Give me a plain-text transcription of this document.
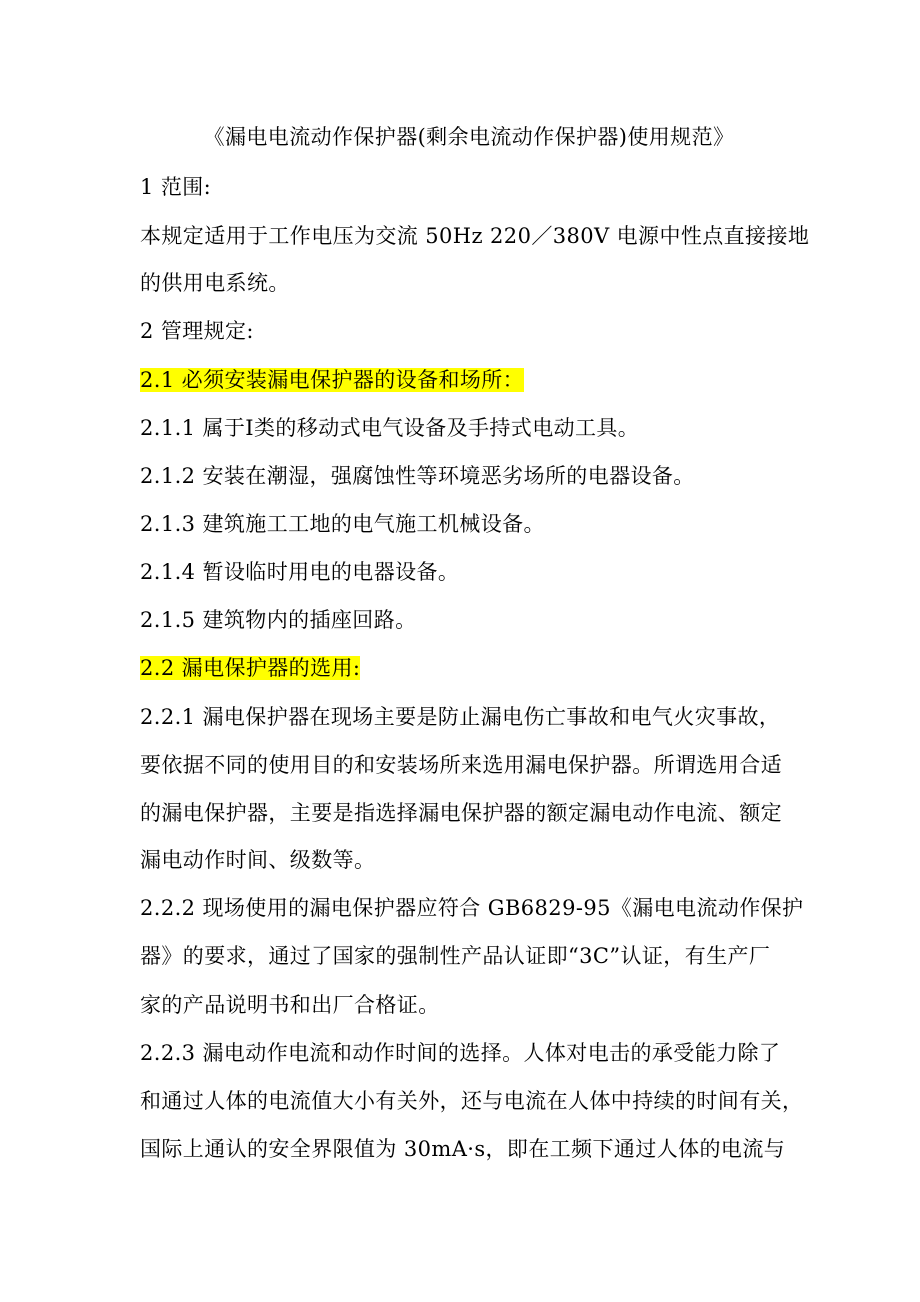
《漏电电流动作保护器(剩余电流动作保护器)使用规范》
1 范围:
本规定适用于工作电压为交流 50Hz 220／380V 电源中性点直接接地
的供用电系统。
2 管理规定:
2.1 必须安装漏电保护器的设备和场所：
2.1.1 属于Ⅰ类的移动式电气设备及手持式电动工具。
2.1.2 安装在潮湿，强腐蚀性等环境恶劣场所的电器设备。
2.1.3 建筑施工工地的电气施工机械设备。
2.1.4 暂设临时用电的电器设备。
2.1.5 建筑物内的插座回路。
2.2 漏电保护器的选用:
2.2.1 漏电保护器在现场主要是防止漏电伤亡事故和电气火灾事故，
要依据不同的使用目的和安装场所来选用漏电保护器。所谓选用合适
的漏电保护器，主要是指选择漏电保护器的额定漏电动作电流、额定
漏电动作时间、级数等。
2.2.2 现场使用的漏电保护器应符合 GB6829-95《漏电电流动作保护
器》的要求，通过了国家的强制性产品认证即“3C”认证，有生产厂
家的产品说明书和出厂合格证。
2.2.3 漏电动作电流和动作时间的选择。人体对电击的承受能力除了
和通过人体的电流值大小有关外，还与电流在人体中持续的时间有关，
国际上通认的安全界限值为 30mA·s，即在工频下通过人体的电流与
